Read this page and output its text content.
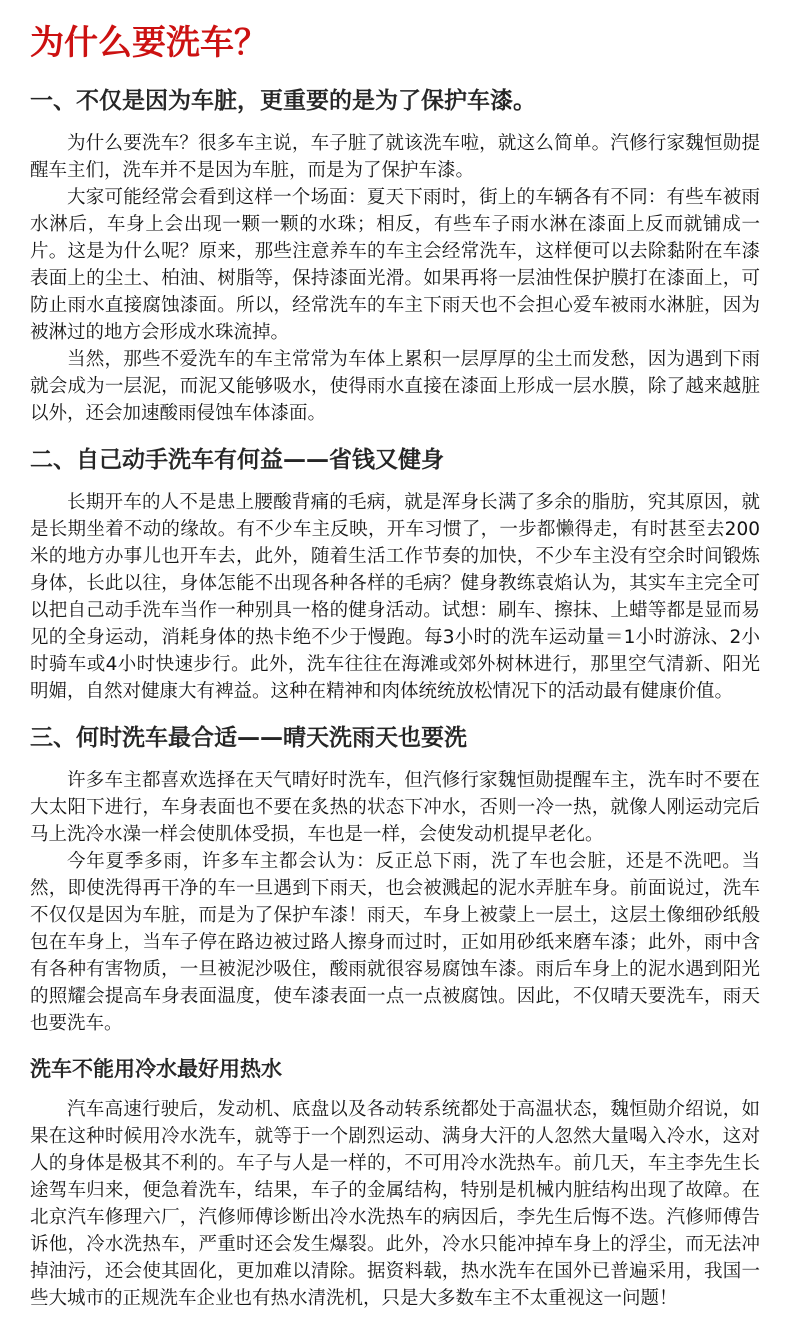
为什么要洗车？
一、不仅是因为车脏，更重要的是为了保护车漆。

为什么要洗车？很多车主说，车子脏了就该洗车啦，就这么简单。汽修行家魏恒勋提醒车主们，洗车并不是因为车脏，而是为了保护车漆。

大家可能经常会看到这样一个场面：夏天下雨时，街上的车辆各有不同：有些车被雨水淋后，车身上会出现一颗一颗的水珠；相反，有些车子雨水淋在漆面上反而就铺成一片。这是为什么呢？原来，那些注意养车的车主会经常洗车，这样便可以去除黏附在车漆表面上的尘土、柏油、树脂等，保持漆面光滑。如果再将一层油性保护膜打在漆面上，可防止雨水直接腐蚀漆面。所以，经常洗车的车主下雨天也不会担心爱车被雨水淋脏，因为被淋过的地方会形成水珠流掉。

当然，那些不爱洗车的车主常常为车体上累积一层厚厚的尘土而发愁，因为遇到下雨就会成为一层泥，而泥又能够吸水，使得雨水直接在漆面上形成一层水膜，除了越来越脏以外，还会加速酸雨侵蚀车体漆面。

二、自己动手洗车有何益——省钱又健身

长期开车的人不是患上腰酸背痛的毛病，就是浑身长满了多余的脂肪，究其原因，就是长期坐着不动的缘故。有不少车主反映，开车习惯了，一步都懒得走，有时甚至去200米的地方办事儿也开车去，此外，随着生活工作节奏的加快，不少车主没有空余时间锻炼身体，长此以往，身体怎能不出现各种各样的毛病？健身教练袁焰认为，其实车主完全可以把自己动手洗车当作一种别具一格的健身活动。试想：刷车、擦抹、上蜡等都是显而易见的全身运动，消耗身体的热卡绝不少于慢跑。每3小时的洗车运动量＝1小时游泳、2小时骑车或4小时快速步行。此外，洗车往往在海滩或郊外树林进行，那里空气清新、阳光明媚，自然对健康大有裨益。这种在精神和肉体统统放松情况下的活动最有健康价值。

三、何时洗车最合适——晴天洗雨天也要洗

许多车主都喜欢选择在天气晴好时洗车，但汽修行家魏恒勋提醒车主，洗车时不要在大太阳下进行，车身表面也不要在炙热的状态下冲水，否则一冷一热，就像人刚运动完后马上洗冷水澡一样会使肌体受损，车也是一样，会使发动机提早老化。

今年夏季多雨，许多车主都会认为：反正总下雨，洗了车也会脏，还是不洗吧。当然，即使洗得再干净的车一旦遇到下雨天，也会被溅起的泥水弄脏车身。前面说过，洗车不仅仅是因为车脏，而是为了保护车漆！雨天，车身上被蒙上一层土，这层土像细砂纸般包在车身上，当车子停在路边被过路人擦身而过时，正如用砂纸来磨车漆；此外，雨中含有各种有害物质，一旦被泥沙吸住，酸雨就很容易腐蚀车漆。雨后车身上的泥水遇到阳光的照耀会提高车身表面温度，使车漆表面一点一点被腐蚀。因此，不仅晴天要洗车，雨天也要洗车。

洗车不能用冷水最好用热水

汽车高速行驶后，发动机、底盘以及各动转系统都处于高温状态，魏恒勋介绍说，如果在这种时候用冷水洗车，就等于一个剧烈运动、满身大汗的人忽然大量喝入冷水，这对人的身体是极其不利的。车子与人是一样的，不可用冷水洗热车。前几天，车主李先生长途驾车归来，便急着洗车，结果，车子的金属结构，特别是机械内脏结构出现了故障。在北京汽车修理六厂，汽修师傅诊断出冷水洗热车的病因后，李先生后悔不迭。汽修师傅告诉他，冷水洗热车，严重时还会发生爆裂。此外，冷水只能冲掉车身上的浮尘，而无法冲掉油污，还会使其固化，更加难以清除。据资料载，热水洗车在国外已普遍采用，我国一些大城市的正规洗车企业也有热水清洗机，只是大多数车主不太重视这一问题！
